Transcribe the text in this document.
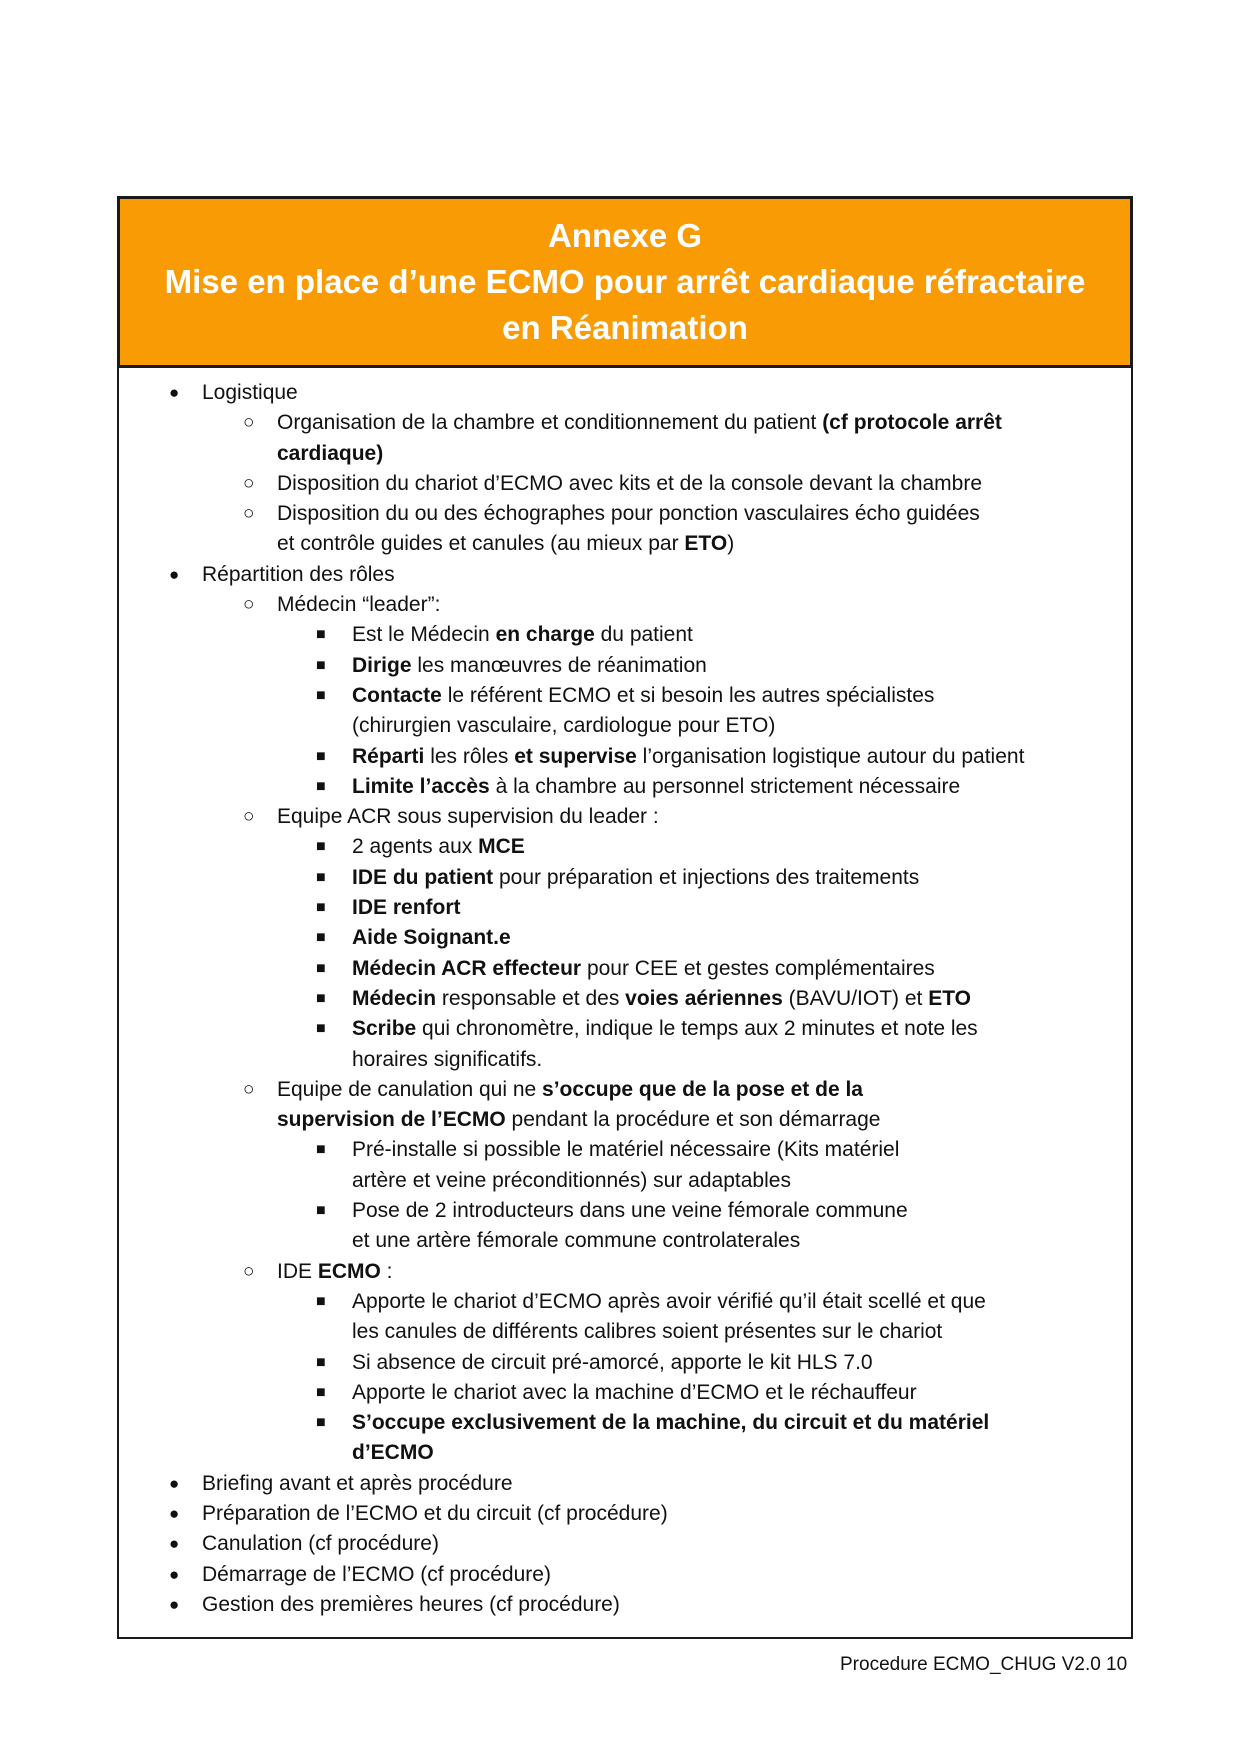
Annexe G
Mise en place d’une ECMO pour arrêt cardiaque réfractaire
en Réanimation
● Logistique
○ Organisation de la chambre et conditionnement du patient (cf protocole arrêt
cardiaque)
○ Disposition du chariot d’ECMO avec kits et de la console devant la chambre
○ Disposition du ou des échographes pour ponction vasculaires écho guidées
et contrôle guides et canules (au mieux par ETO)
● Répartition des rôles
○ Médecin “leader”:
■ Est le Médecin en charge du patient
■ Dirige les manœuvres de réanimation
■ Contacte le référent ECMO et si besoin les autres spécialistes
(chirurgien vasculaire, cardiologue pour ETO)
■ Réparti les rôles et supervise l’organisation logistique autour du patient
■ Limite l’accès à la chambre au personnel strictement nécessaire
○ Equipe ACR sous supervision du leader :
■ 2 agents aux MCE
■ IDE du patient pour préparation et injections des traitements
■ IDE renfort
■ Aide Soignant.e
■ Médecin ACR effecteur pour CEE et gestes complémentaires
■ Médecin responsable et des voies aériennes (BAVU/IOT) et ETO
■ Scribe qui chronomètre, indique le temps aux 2 minutes et note les
horaires significatifs.
○ Equipe de canulation qui ne s’occupe que de la pose et de la
supervision de l’ECMO pendant la procédure et son démarrage
■ Pré-installe si possible le matériel nécessaire (Kits matériel
artère et veine préconditionnés) sur adaptables
■ Pose de 2 introducteurs dans une veine fémorale commune
et une artère fémorale commune controlaterales
○ IDE ECMO :
■ Apporte le chariot d’ECMO après avoir vérifié qu’il était scellé et que
les canules de différents calibres soient présentes sur le chariot
■ Si absence de circuit pré-amorcé, apporte le kit HLS 7.0
■ Apporte le chariot avec la machine d’ECMO et le réchauffeur
■ S’occupe exclusivement de la machine, du circuit et du matériel
d’ECMO
● Briefing avant et après procédure
● Préparation de l’ECMO et du circuit (cf procédure)
● Canulation (cf procédure)
● Démarrage de l’ECMO (cf procédure)
● Gestion des premières heures (cf procédure)
Procedure ECMO_CHUG V2.0 10
